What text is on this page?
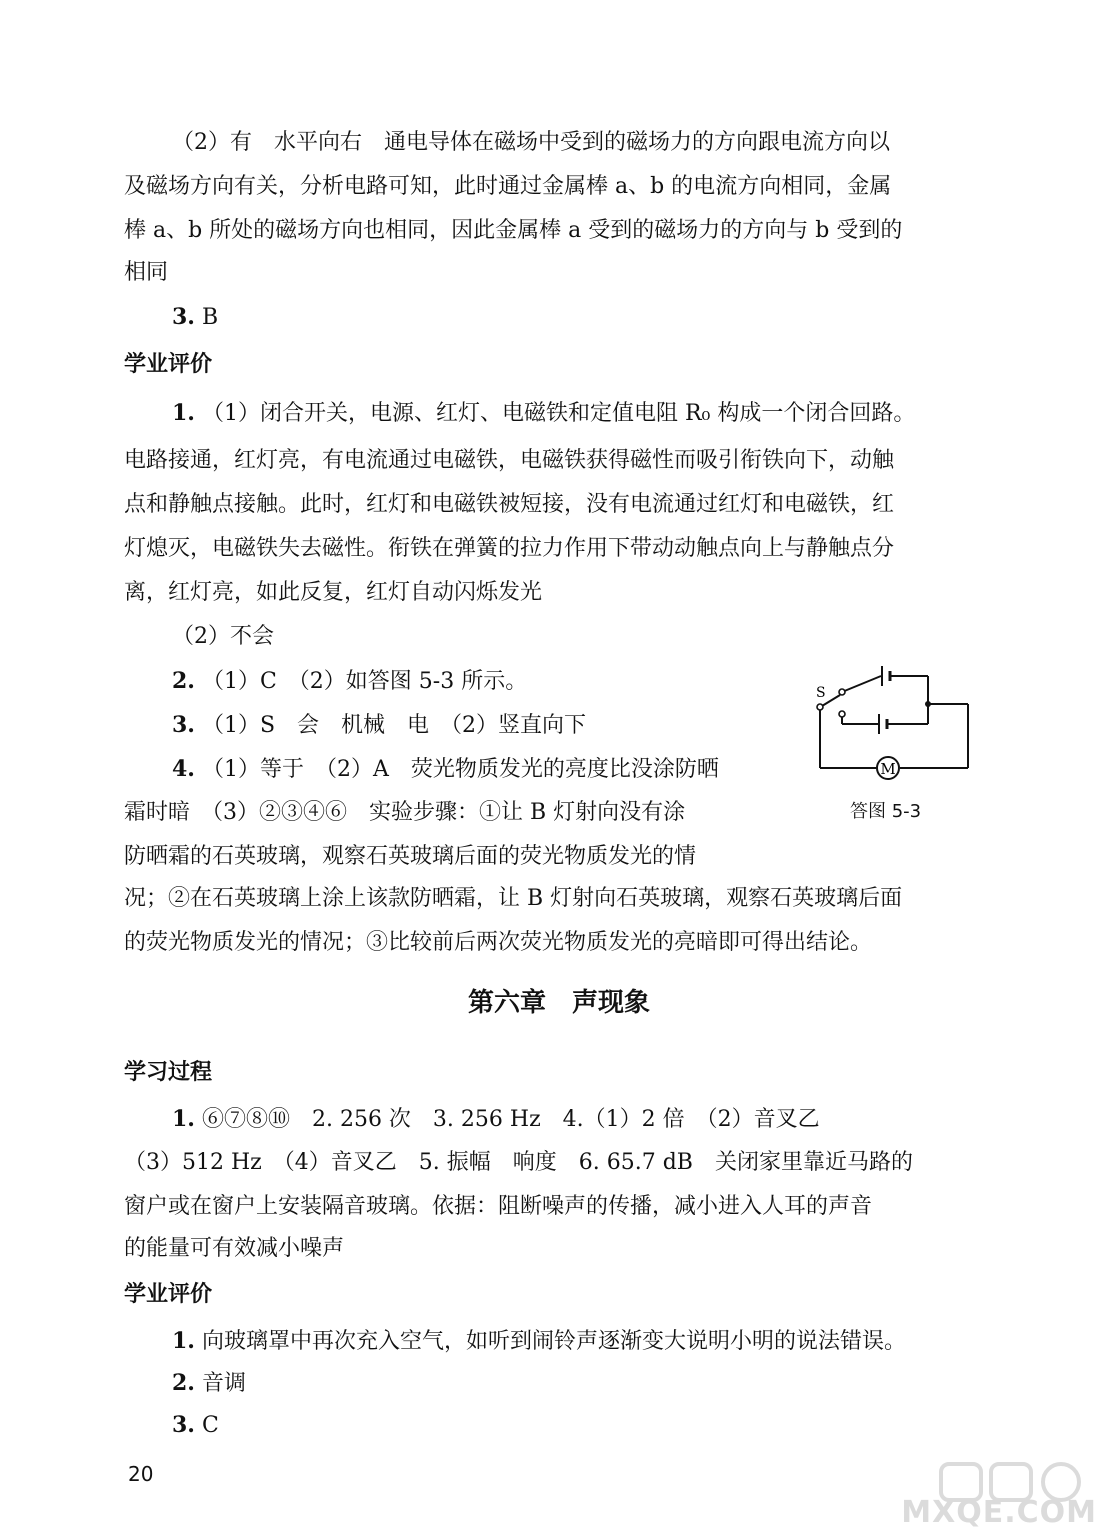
（2）有　水平向右　通电导体在磁场中受到的磁场力的方向跟电流方向以
及磁场方向有关，分析电路可知，此时通过金属棒 a、b 的电流方向相同，金属
棒 a、b 所处的磁场方向也相同，因此金属棒 a 受到的磁场力的方向与 b 受到的
相同
3. B
学业评价
1. （1）闭合开关，电源、红灯、电磁铁和定值电阻 R₀ 构成一个闭合回路。
电路接通，红灯亮，有电流通过电磁铁，电磁铁获得磁性而吸引衔铁向下，动触
点和静触点接触。此时，红灯和电磁铁被短接，没有电流通过红灯和电磁铁，红
灯熄灭，电磁铁失去磁性。衔铁在弹簧的拉力作用下带动动触点向上与静触点分
离，红灯亮，如此反复，红灯自动闪烁发光
（2）不会
2. （1）C　（2）如答图 5-3 所示。
3. （1）S　会　机械　电　（2）竖直向下
4. （1）等于　（2）A　荧光物质发光的亮度比没涂防晒
霜时暗　（3）②③④⑥　实验步骤：①让 B 灯射向没有涂
防晒霜的石英玻璃，观察石英玻璃后面的荧光物质发光的情
况；②在石英玻璃上涂上该款防晒霜，让 B 灯射向石英玻璃，观察石英玻璃后面
的荧光物质发光的情况；③比较前后两次荧光物质发光的亮暗即可得出结论。
M
S
答图 5-3
第六章　声现象
学习过程
1. ⑥⑦⑧⑩　2. 256 次　3. 256 Hz　4.（1）2 倍　（2）音叉乙
（3）512 Hz　（4）音叉乙　5. 振幅　响度　6. 65.7 dB　关闭家里靠近马路的
窗户或在窗户上安装隔音玻璃。依据：阻断噪声的传播，减小进入人耳的声音
的能量可有效减小噪声
学业评价
1. 向玻璃罩中再次充入空气，如听到闹铃声逐渐变大说明小明的说法错误。
2. 音调
3. C
20
MXQE.COM
